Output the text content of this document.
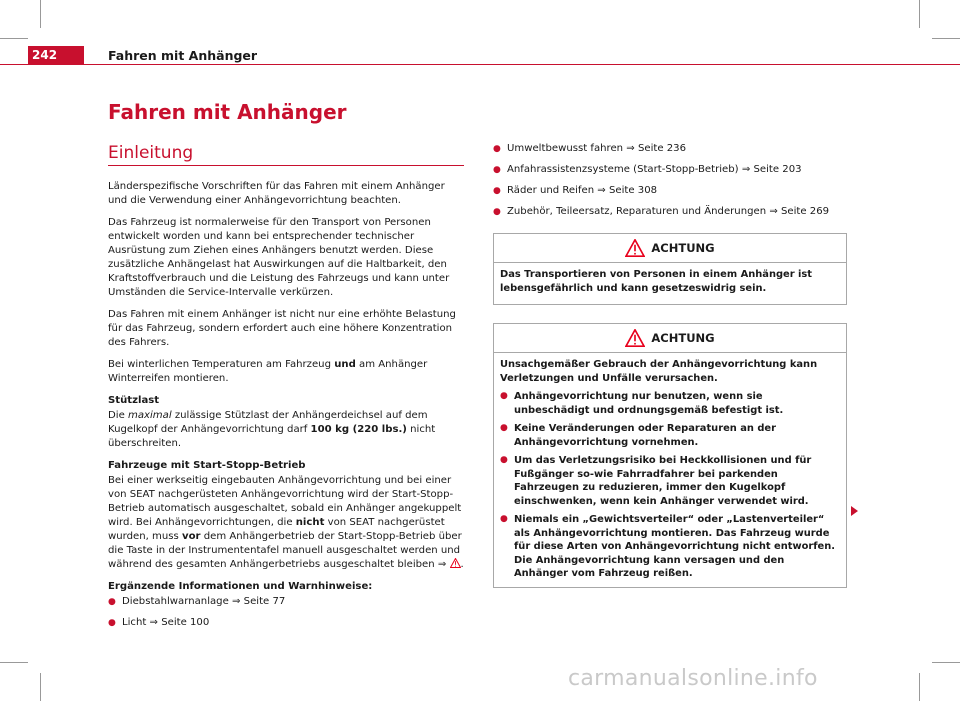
242	Fahren mit Anhänger
Fahren mit Anhänger
Einleitung

Länderspezifische Vorschriften für das Fahren mit einem Anhänger und die Verwendung einer Anhängevorrichtung beachten.

Das Fahrzeug ist normalerweise für den Transport von Personen entwickelt worden und kann bei entsprechender technischer Ausrüstung zum Ziehen eines Anhängers benutzt werden. Diese zusätzliche Anhängelast hat Auswirkungen auf die Haltbarkeit, den Kraftstoffverbrauch und die Leistung des Fahrzeugs und kann unter Umständen die Service-Intervalle verkürzen.

Das Fahren mit einem Anhänger ist nicht nur eine erhöhte Belastung für das Fahrzeug, sondern erfordert auch eine höhere Konzentration des Fahrers.

Bei winterlichen Temperaturen am Fahrzeug und am Anhänger Winterreifen montieren.

Stützlast

Die maximal zulässige Stützlast der Anhängerdeichsel auf dem Kugelkopf der Anhängevorrichtung darf 100 kg (220 lbs.) nicht überschreiten.

Fahrzeuge mit Start-Stopp-Betrieb

Bei einer werkseitig eingebauten Anhängevorrichtung und bei einer von SEAT nachgerüsteten Anhängevorrichtung wird der Start-Stopp-Betrieb automatisch ausgeschaltet, sobald ein Anhänger angekuppelt wird. Bei Anhängevorrichtungen, die nicht von SEAT nachgerüstet wurden, muss vor dem Anhängerbetrieb der Start-Stopp-Betrieb über die Taste in der Instrumententafel manuell ausgeschaltet werden und während des gesamten Anhängerbetriebs ausgeschaltet bleiben ⇒ .

Ergänzende Informationen und Warnhinweise:

● Diebstahlwarnanlage ⇒ Seite 77
● Licht ⇒ Seite 100
● Umweltbewusst fahren ⇒ Seite 236
● Anfahrassistenzsysteme (Start-Stopp-Betrieb) ⇒ Seite 203
● Räder und Reifen ⇒ Seite 308
● Zubehör, Teileersatz, Reparaturen und Änderungen ⇒ Seite 269
ACHTUNG

Das Transportieren von Personen in einem Anhänger ist lebensgefährlich und kann gesetzeswidrig sein.

ACHTUNG

Unsachgemäßer Gebrauch der Anhängevorrichtung kann Verletzungen und Unfälle verursachen.

● Anhängevorrichtung nur benutzen, wenn sie unbeschädigt und ordnungsgemäß befestigt ist.
● Keine Veränderungen oder Reparaturen an der Anhängevorrichtung vornehmen.
● Um das Verletzungsrisiko bei Heckkollisionen und für Fußgänger so-wie Fahrradfahrer bei parkenden Fahrzeugen zu reduzieren, immer den Kugelkopf einschwenken, wenn kein Anhänger verwendet wird.
● Niemals ein „Gewichtsverteiler“ oder „Lastenverteiler“ als Anhängevorrichtung montieren. Das Fahrzeug wurde für diese Arten von Anhängevorrichtung nicht entworfen. Die Anhängevorrichtung kann versagen und den Anhänger vom Fahrzeug reißen.
carmanualsonline.info
